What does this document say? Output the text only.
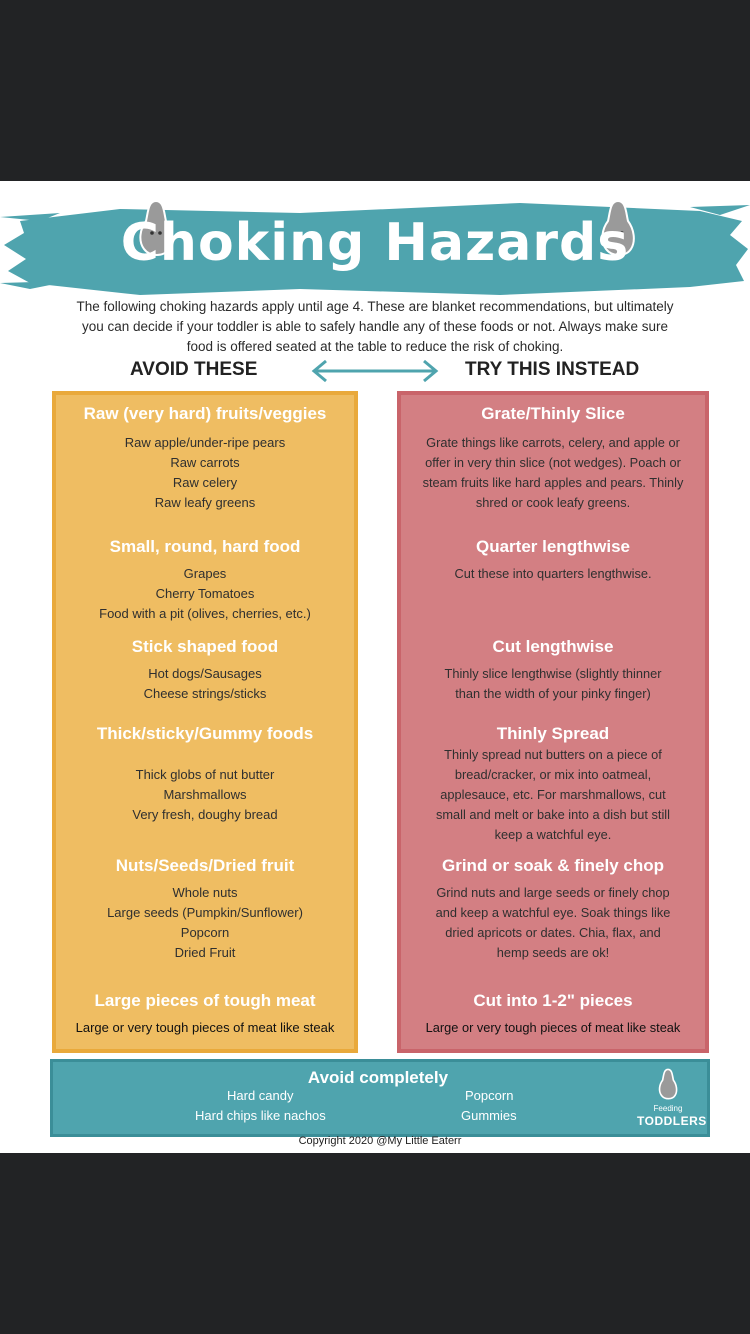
Choking Hazards
The following choking hazards apply until age 4. These are blanket recommendations, but ultimately you can decide if your toddler is able to safely handle any of these foods or not. Always make sure food is offered seated at the table to reduce the risk of choking.
AVOID THESE	TRY THIS INSTEAD
Raw (very hard) fruits/veggies
Raw apple/under-ripe pears
Raw carrots
Raw celery
Raw leafy greens
Small, round, hard food
Grapes
Cherry Tomatoes
Food with a pit (olives, cherries, etc.)
Stick shaped food
Hot dogs/Sausages
Cheese strings/sticks
Thick/sticky/Gummy foods
Thick globs of nut butter
Marshmallows
Very fresh, doughy bread
Nuts/Seeds/Dried fruit
Whole nuts
Large seeds (Pumpkin/Sunflower)
Popcorn
Dried Fruit
Large pieces of tough meat
Large or very tough pieces of meat like steak
Grate/Thinly Slice
Grate things like carrots, celery, and apple or offer in very thin slice (not wedges). Poach or steam fruits like hard apples and pears. Thinly shred or cook leafy greens.
Quarter lengthwise
Cut these into quarters lengthwise.
Cut lengthwise
Thinly slice lengthwise (slightly thinner than the width of your pinky finger)
Thinly Spread
Thinly spread nut butters on a piece of bread/cracker, or mix into oatmeal, applesauce, etc. For marshmallows, cut small and melt or bake into a dish but still keep a watchful eye.
Grind or soak & finely chop
Grind nuts and large seeds or finely chop and keep a watchful eye. Soak things like dried apricots or dates. Chia, flax, and hemp seeds are ok!
Cut into 1-2" pieces
Large or very tough pieces of meat like steak
Avoid completely
Hard candy
Hard chips like nachos
Popcorn
Gummies	Feeding
TODDLERS
Copyright 2020 @My Little Eaterr
